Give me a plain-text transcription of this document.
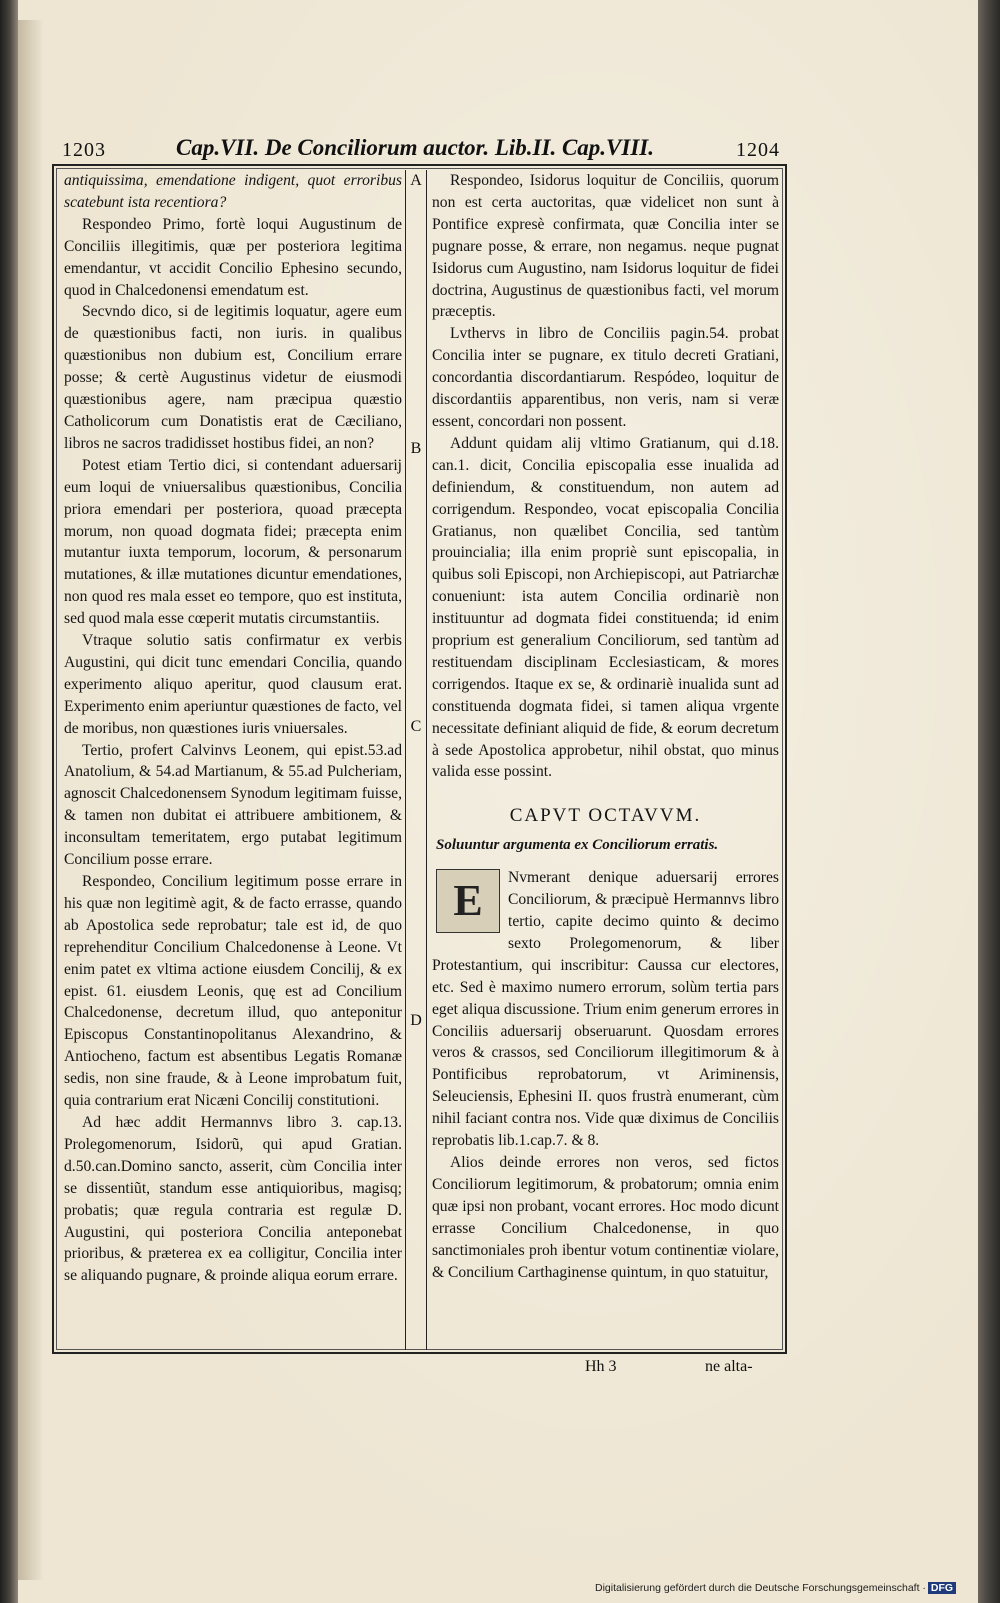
1203	Cap.VII. De Conciliorum auctor. Lib.II. Cap.VIII.	1204
A
B
C
D

antiquissima, emendatione indigent, quot erroribus scatebunt ista recentiora?

Respondeo Primo, fortè loqui Augustinum de Conciliis illegitimis, quæ per posteriora legitima emendantur, vt accidit Concilio Ephesino secundo, quod in Chalcedonensi emendatum est.

Secvndo dico, si de legitimis loquatur, agere eum de quæstionibus facti, non iuris. in qualibus quæstionibus non dubium est, Concilium errare posse; & certè Augustinus videtur de eiusmodi quæstionibus agere, nam præcipua quæstio Catholicorum cum Donatistis erat de Cæciliano, libros ne sacros tradidisset hostibus fidei, an non?

Potest etiam Tertio dici, si contendant aduersarij eum loqui de vniuersalibus quæstionibus, Concilia priora emendari per posteriora, quoad præcepta morum, non quoad dogmata fidei; præcepta enim mutantur iuxta temporum, locorum, & personarum mutationes, & illæ mutationes dicuntur emendationes, non quod res mala esset eo tempore, quo est instituta, sed quod mala esse cœperit mutatis circumstantiis.

Vtraque solutio satis confirmatur ex verbis Augustini, qui dicit tunc emendari Concilia, quando experimento aliquo aperitur, quod clausum erat. Experimento enim aperiuntur quæstiones de facto, vel de moribus, non quæstiones iuris vniuersales.

Tertio, profert Calvinvs Leonem, qui epist.53.ad Anatolium, & 54.ad Martianum, & 55.ad Pulcheriam, agnoscit Chalcedonensem Synodum legitimam fuisse, & tamen non dubitat ei attribuere ambitionem, & inconsultam temeritatem, ergo putabat legitimum Concilium posse errare.

Respondeo, Concilium legitimum posse errare in his quæ non legitimè agit, & de facto errasse, quando ab Apostolica sede reprobatur; tale est id, de quo reprehenditur Concilium Chalcedonense à Leone. Vt enim patet ex vltima actione eiusdem Concilij, & ex epist. 61. eiusdem Leonis, quę est ad Concilium Chalcedonense, decretum illud, quo anteponitur Episcopus Constantinopolitanus Alexandrino, & Antiocheno, factum est absentibus Legatis Romanæ sedis, non sine fraude, & à Leone improbatum fuit, quia contrarium erat Nicæni Concilij constitutioni.

Ad hæc addit Hermannvs libro 3. cap.13. Prolegomenorum, Isidorũ, qui apud Gratian. d.50.can.Domino sancto, asserit, cùm Concilia inter se dissentiũt, standum esse antiquioribus, magisq; probatis; quæ regula contraria est regulæ D. Augustini, qui posteriora Concilia anteponebat prioribus, & præterea ex ea colligitur, Concilia inter se aliquando pugnare, & proinde aliqua eorum errare.

Respondeo, Isidorus loquitur de Conciliis, quorum non est certa auctoritas, quæ videlicet non sunt à Pontifice expresè confirmata, quæ Concilia inter se pugnare posse, & errare, non negamus. neque pugnat Isidorus cum Augustino, nam Isidorus loquitur de fidei doctrina, Augustinus de quæstionibus facti, vel morum præceptis.

Lvthervs in libro de Conciliis pagin.54. probat Concilia inter se pugnare, ex titulo decreti Gratiani, concordantia discordantiarum. Respódeo, loquitur de discordantiis apparentibus, non veris, nam si veræ essent, concordari non possent.

Addunt quidam alij vltimo Gratianum, qui d.18. can.1. dicit, Concilia episcopalia esse inualida ad definiendum, & constituendum, non autem ad corrigendum. Respondeo, vocat episcopalia Concilia Gratianus, non quælibet Concilia, sed tantùm prouincialia; illa enim propriè sunt episcopalia, in quibus soli Episcopi, non Archiepiscopi, aut Patriarchæ conueniunt: ista autem Concilia ordinariè non instituuntur ad dogmata fidei constituenda; id enim proprium est generalium Conciliorum, sed tantùm ad restituendam disciplinam Ecclesiasticam, & mores corrigendos. Itaque ex se, & ordinariè inualida sunt ad constituenda dogmata fidei, si tamen aliqua vrgente necessitate definiant aliquid de fide, & eorum decretum à sede Apostolica approbetur, nihil obstat, quo minus valida esse possint.

CAPVT OCTAVVM.
Soluuntur argumenta ex Conciliorum erratis.
E	Nvmerant denique aduersarij errores Conciliorum, & præcipuè Hermannvs libro tertio, capite decimo quinto & decimo sexto Prolegomenorum, & liber Protestantium, qui inscribitur: Caussa cur electores, etc. Sed è maximo numero errorum, solùm tertia pars eget aliqua discussione. Trium enim generum errores in Conciliis aduersarij obseruarunt. Quosdam errores veros & crassos, sed Conciliorum illegitimorum & à Pontificibus reprobatorum, vt Ariminensis, Seleuciensis, Ephesini II. quos frustrà enumerant, cùm nihil faciant contra nos. Vide quæ diximus de Conciliis reprobatis lib.1.cap.7. & 8.

Alios deinde errores non veros, sed fictos Conciliorum legitimorum, & probatorum; omnia enim quæ ipsi non probant, vocant errores. Hoc modo dicunt errasse Concilium Chalcedonense, in quo sanctimoniales proh ibentur votum continentiæ violare, & Concilium Carthaginense quintum, in quo statuitur,

Hh 3	ne alta-
Digitalisierung gefördert durch die Deutsche Forschungsgemeinschaft · DFG
